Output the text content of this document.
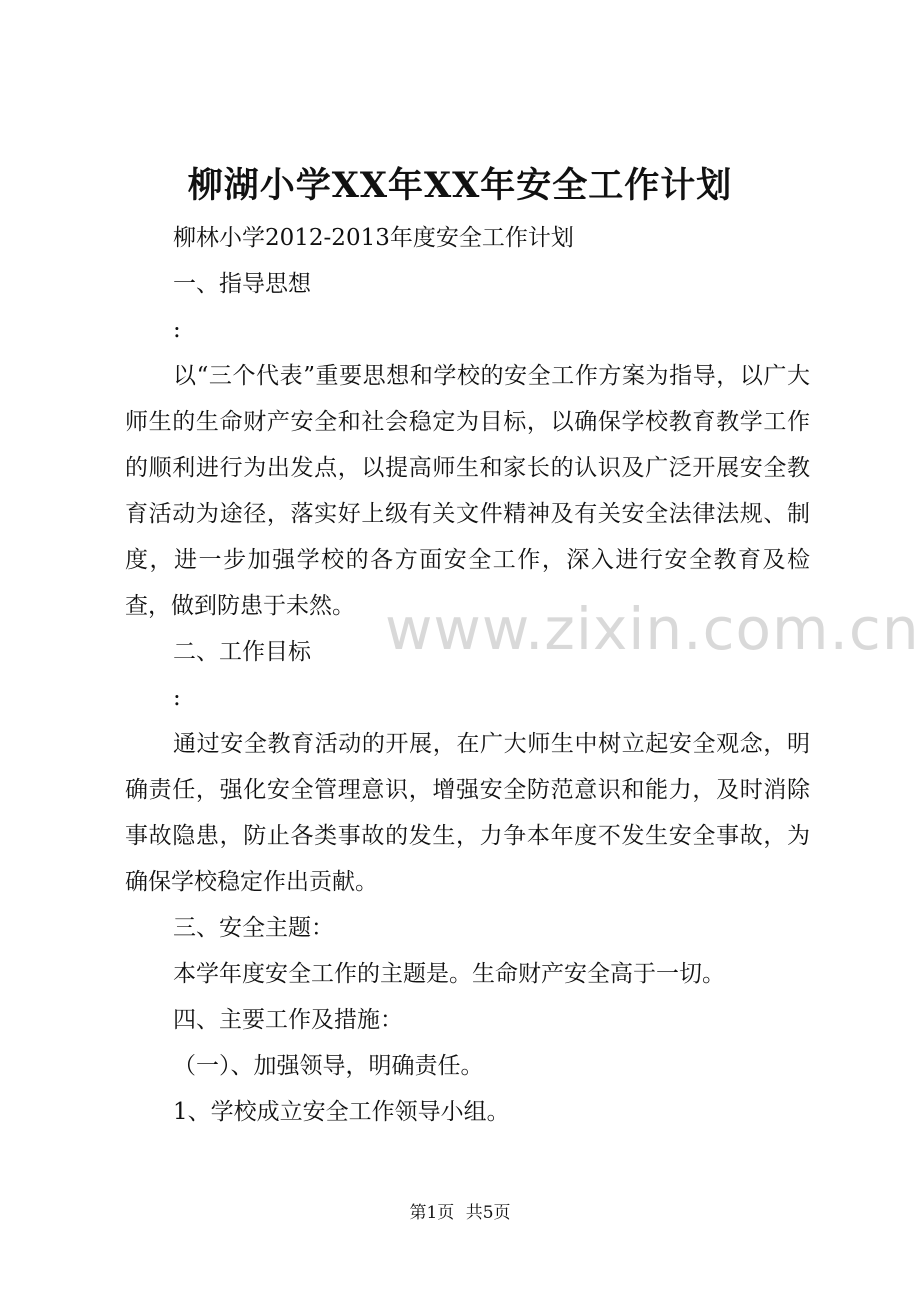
www.zixin.com.cn
柳湖小学XX年XX年安全工作计划

柳林小学2012-2013年度安全工作计划

一、指导思想

:

以“三个代表”重要思想和学校的安全工作方案为指导，以广大师生的生命财产安全和社会稳定为目标，以确保学校教育教学工作的顺利进行为出发点，以提高师生和家长的认识及广泛开展安全教育活动为途径，落实好上级有关文件精神及有关安全法律法规、制度，进一步加强学校的各方面安全工作，深入进行安全教育及检查，做到防患于未然。

二、工作目标

:

通过安全教育活动的开展，在广大师生中树立起安全观念，明确责任，强化安全管理意识，增强安全防范意识和能力，及时消除事故隐患，防止各类事故的发生，力争本年度不发生安全事故，为确保学校稳定作出贡献。

三、安全主题：

本学年度安全工作的主题是。生命财产安全高于一切。

四、主要工作及措施：

（一）、加强领导，明确责任。

1、学校成立安全工作领导小组。

第1页 共5页
